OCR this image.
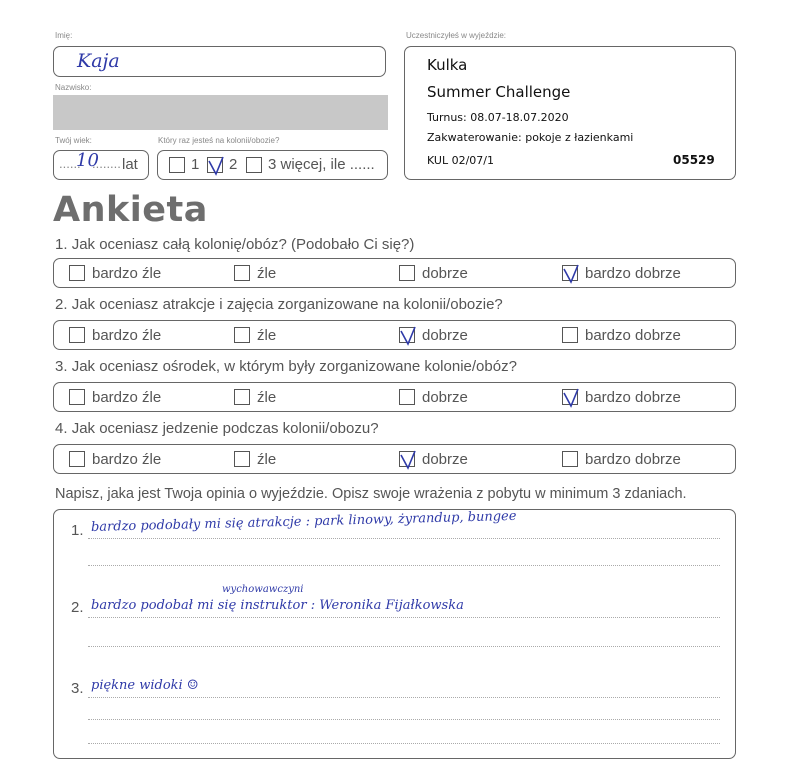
Imię:
Kaja
Nazwisko:
Twój wiek:
......
10
........ lat
Który raz jesteś na kolonii/obozie?
1 2 3 więcej, ile ......
Uczestniczyłeś w wyjeździe:
Kulka
Summer Challenge
Turnus: 08.07-18.07.2020
Zakwaterowanie: pokoje z łazienkami
KUL 02/07/1	05529
Ankieta
1. Jak oceniasz całą kolonię/obóz? (Podobało Ci się?)
bardzo źle	źle	dobrze	bardzo dobrze
2. Jak oceniasz atrakcje i zajęcia zorganizowane na kolonii/obozie?
bardzo źle	źle	dobrze	bardzo dobrze
3. Jak oceniasz ośrodek, w którym były zorganizowane kolonie/obóz?
bardzo źle	źle	dobrze	bardzo dobrze
4. Jak oceniasz jedzenie podczas kolonii/obozu?
bardzo źle	źle	dobrze	bardzo dobrze
Napisz, jaka jest Twoja opinia o wyjeździe. Opisz swoje wrażenia z pobytu w minimum 3 zdaniach.
1. bardzo podobały mi się atrakcje : park linowy, żyrandup, bungee
wychowawczyni
2. bardzo podobał mi się instruktor : Weronika Fijałkowska
3. piękne widoki ☺
